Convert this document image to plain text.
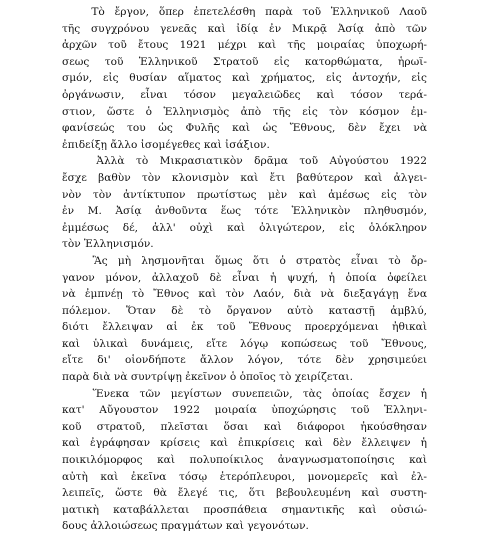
Τὸ ἔργον, ὅπερ ἐπετελέσθη παρὰ τοῦ Ἑλληνικοῦ Λαοῦ
τῆς συγχρόνου γενεᾶς καὶ ἰδίᾳ ἐν Μικρᾷ Ἀσίᾳ ἀπὸ τῶν
ἀρχῶν τοῦ ἔτους 1921 μέχρι καὶ τῆς μοιραίας ὑποχωρή-
σεως τοῦ Ἑλληνικοῦ Στρατοῦ εἰς κατορθώματα, ἡρωϊ-
σμόν, εἰς θυσίαν αἵματος καὶ χρήματος, εἰς ἀντοχήν, εἰς
ὀργάνωσιν, εἶναι τόσον μεγαλειῶδες καὶ τόσον τερά-
στιον, ὥστε ὁ Ἑλληνισμὸς ἀπὸ τῆς εἰς τὸν κόσμον ἐμ-
φανίσεώς του ὡς Φυλῆς καὶ ὡς Ἔθνους, δὲν ἔχει νὰ
ἐπιδείξῃ ἄλλο ἰσομέγεθες καὶ ἰσάξιον.
Ἀλλὰ τὸ Μικρασιατικὸν δρᾶμα τοῦ Αὐγούστου 1922
ἔσχε βαθὺν τὸν κλονισμὸν καὶ ἔτι βαθύτερον καὶ ἀλγει-
νὸν τὸν ἀντίκτυπον πρωτίστως μὲν καὶ ἀμέσως εἰς τὸν
ἐν Μ. Ἀσίᾳ ἀνθοῦντα ἕως τότε Ἑλληνικὸν πληθυσμόν,
ἐμμέσως δέ, ἀλλ' οὐχὶ καὶ ὀλιγώτερον, εἰς ὁλόκληρον
τὸν Ἑλληνισμόν.
Ἂς μὴ λησμονῆται ὅμως ὅτι ὁ στρατὸς εἶναι τὸ ὄρ-
γανον μόνον, ἀλλαχοῦ δὲ εἶναι ἡ ψυχή, ἡ ὁποία ὀφείλει
νὰ ἐμπνέῃ τὸ Ἔθνος καὶ τὸν Λαόν, διὰ νὰ διεξαγάγῃ ἕνα
πόλεμον. Ὅταν δὲ τὸ ὄργανον αὐτὸ καταστῇ ἀμβλύ,
διότι ἔλλειψαν αἱ ἐκ τοῦ Ἔθνους προερχόμεναι ἠθικαὶ
καὶ ὑλικαὶ δυνάμεις, εἴτε λόγῳ κοπώσεως τοῦ Ἔθνους,
εἴτε δι' οἱονδήποτε ἄλλον λόγον, τότε δὲν χρησιμεύει
παρὰ διὰ νὰ συντρίψῃ ἐκεῖνον ὁ ὁποῖος τὸ χειρίζεται.
Ἕνεκα τῶν μεγίστων συνεπειῶν, τὰς ὁποίας ἔσχεν ἡ
κατ' Αὔγουστον 1922 μοιραία ὑποχώρησις τοῦ Ἑλληνι-
κοῦ στρατοῦ, πλεῖσται ὅσαι καὶ διάφοροι ἠκούσθησαν
καὶ ἐγράφησαν κρίσεις καὶ ἐπικρίσεις καὶ δὲν ἔλλειψεν ἡ
ποικιλόμορφος καὶ πολυποίκιλος ἀναγνωσματοποίησις καὶ
αὐτὴ καὶ ἐκεῖνα τόσῳ ἑτερόπλευροι, μονομερεῖς καὶ ἐλ-
λειπεῖς, ὥστε θὰ ἔλεγέ τις, ὅτι βεβουλευμένη καὶ συστη-
ματικὴ καταβάλλεται προσπάθεια σημαντικῆς καὶ οὐσιώ-
δους ἀλλοιώσεως πραγμάτων καὶ γεγονότων.
